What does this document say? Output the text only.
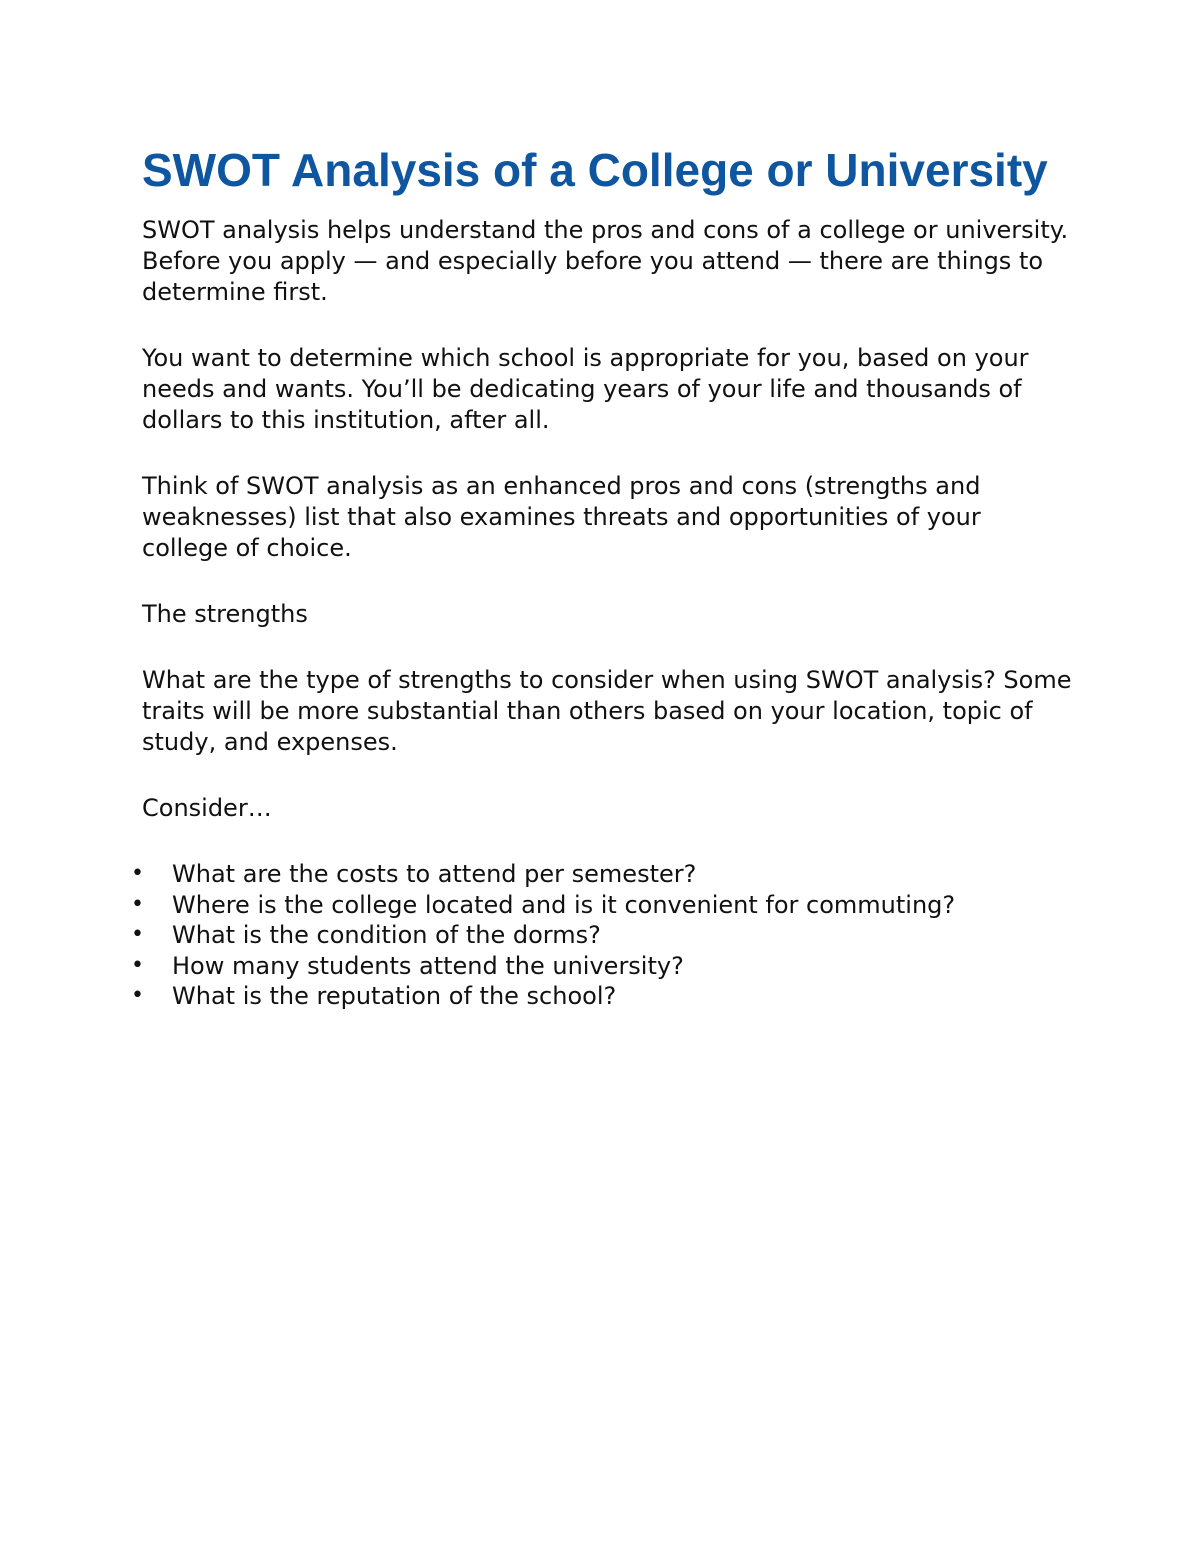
SWOT Analysis of a College or University

SWOT analysis helps understand the pros and cons of a college or university. Before you apply — and especially before you attend — there are things to determine first.

You want to determine which school is appropriate for you, based on your needs and wants. You’ll be dedicating years of your life and thousands of dollars to this institution, after all.

Think of SWOT analysis as an enhanced pros and cons (strengths and weaknesses) list that also examines threats and opportunities of your college of choice.

The strengths

What are the type of strengths to consider when using SWOT analysis? Some traits will be more substantial than others based on your location, topic of study, and expenses.

Consider…

• What are the costs to attend per semester?
• Where is the college located and is it convenient for commuting?
• What is the condition of the dorms?
• How many students attend the university?
• What is the reputation of the school?
